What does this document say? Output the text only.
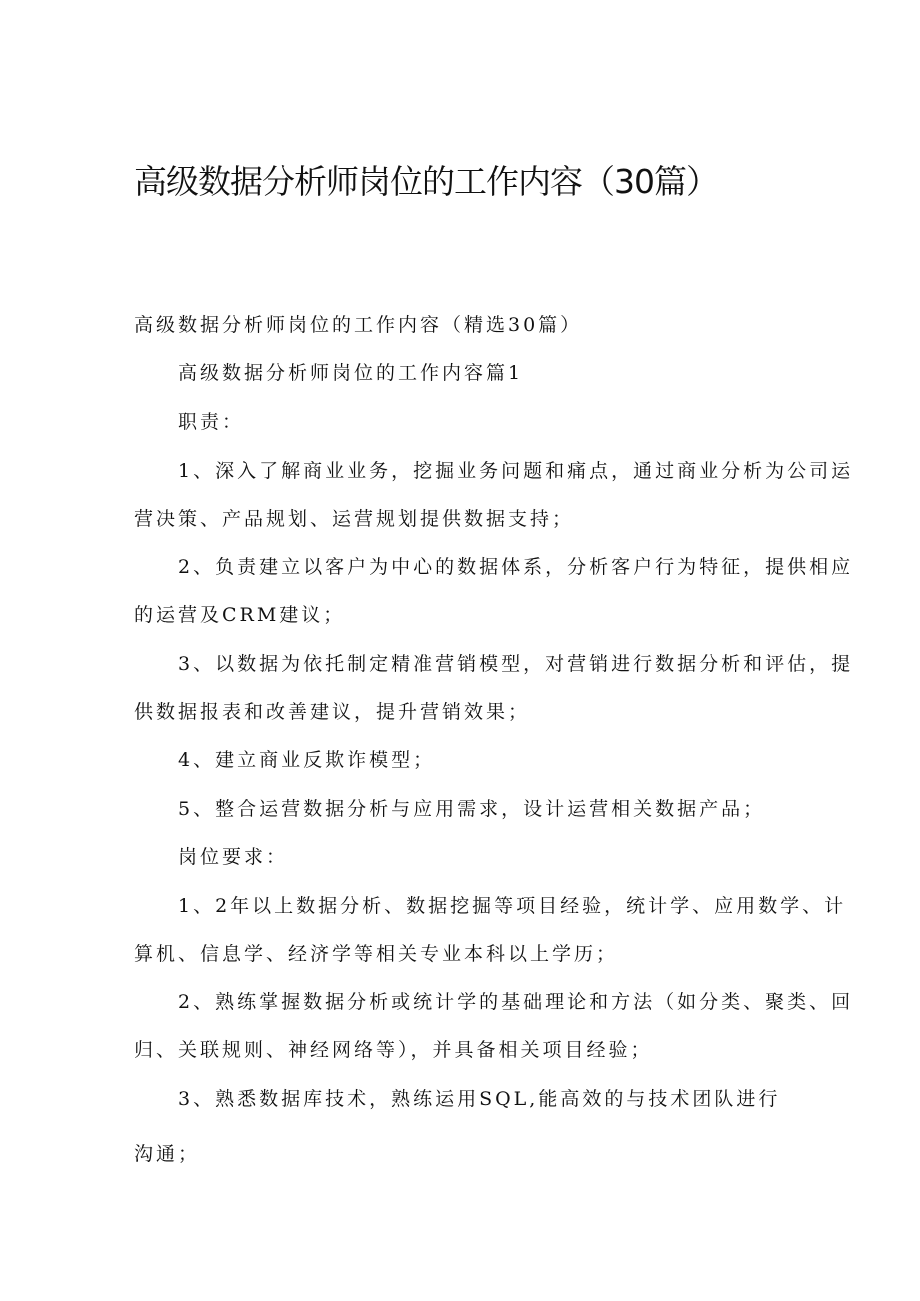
高级数据分析师岗位的工作内容（30篇）

高级数据分析师岗位的工作内容（精选30篇）

高级数据分析师岗位的工作内容篇1

职责：

1、深入了解商业业务，挖掘业务问题和痛点，通过商业分析为公司运

营决策、产品规划、运营规划提供数据支持；

2、负责建立以客户为中心的数据体系，分析客户行为特征，提供相应

的运营及CRM建议；

3、以数据为依托制定精准营销模型，对营销进行数据分析和评估，提

供数据报表和改善建议，提升营销效果；

4、建立商业反欺诈模型；

5、整合运营数据分析与应用需求，设计运营相关数据产品；

岗位要求：

1、2年以上数据分析、数据挖掘等项目经验，统计学、应用数学、计

算机、信息学、经济学等相关专业本科以上学历；

2、熟练掌握数据分析或统计学的基础理论和方法（如分类、聚类、回

归、关联规则、神经网络等），并具备相关项目经验；

3、熟悉数据库技术，熟练运用SQL,能高效的与技术团队进行

沟通；
